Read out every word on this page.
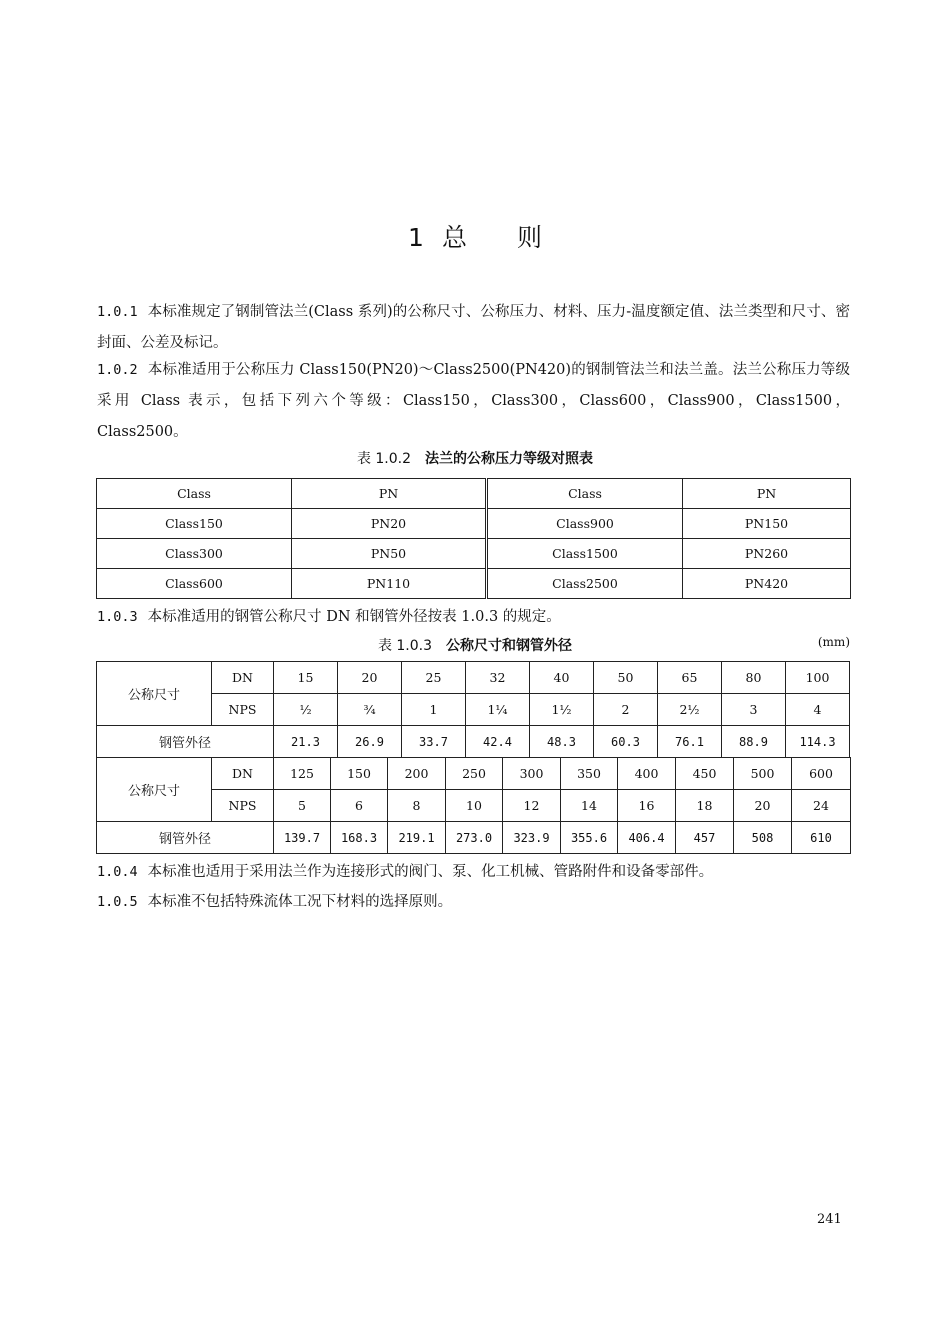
1 总 则
1.0.1 本标准规定了钢制管法兰(Class 系列)的公称尺寸、公称压力、材料、压力-温度额定值、法兰类型和尺寸、密封面、公差及标记。
1.0.2 本标准适用于公称压力 Class150(PN20)～Class2500(PN420)的钢制管法兰和法兰盖。法兰公称压力等级采用 Class 表示，包括下列六个等级：Class150，Class300，Class600，Class900，Class1500，Class2500。
表 1.0.2 法兰的公称压力等级对照表
Class	PN	Class	PN
Class150	PN20	Class900	PN150
Class300	PN50	Class1500	PN260
Class600	PN110	Class2500	PN420
1.0.3 本标准适用的钢管公称尺寸 DN 和钢管外径按表 1.0.3 的规定。
表 1.0.3 公称尺寸和钢管外径	(mm)
公称尺寸	DN	15	20	25	32	40	50	65	80	100
	NPS	½	¾	1	1¼	1½	2	2½	3	4
钢管外径		21.3	26.9	33.7	42.4	48.3	60.3	76.1	88.9	114.3
公称尺寸	DN	125	150	200	250	300	350	400	450	500	600
	NPS	5	6	8	10	12	14	16	18	20	24
钢管外径		139.7	168.3	219.1	273.0	323.9	355.6	406.4	457	508	610
1.0.4 本标准也适用于采用法兰作为连接形式的阀门、泵、化工机械、管路附件和设备零部件。
1.0.5 本标准不包括特殊流体工况下材料的选择原则。
241
